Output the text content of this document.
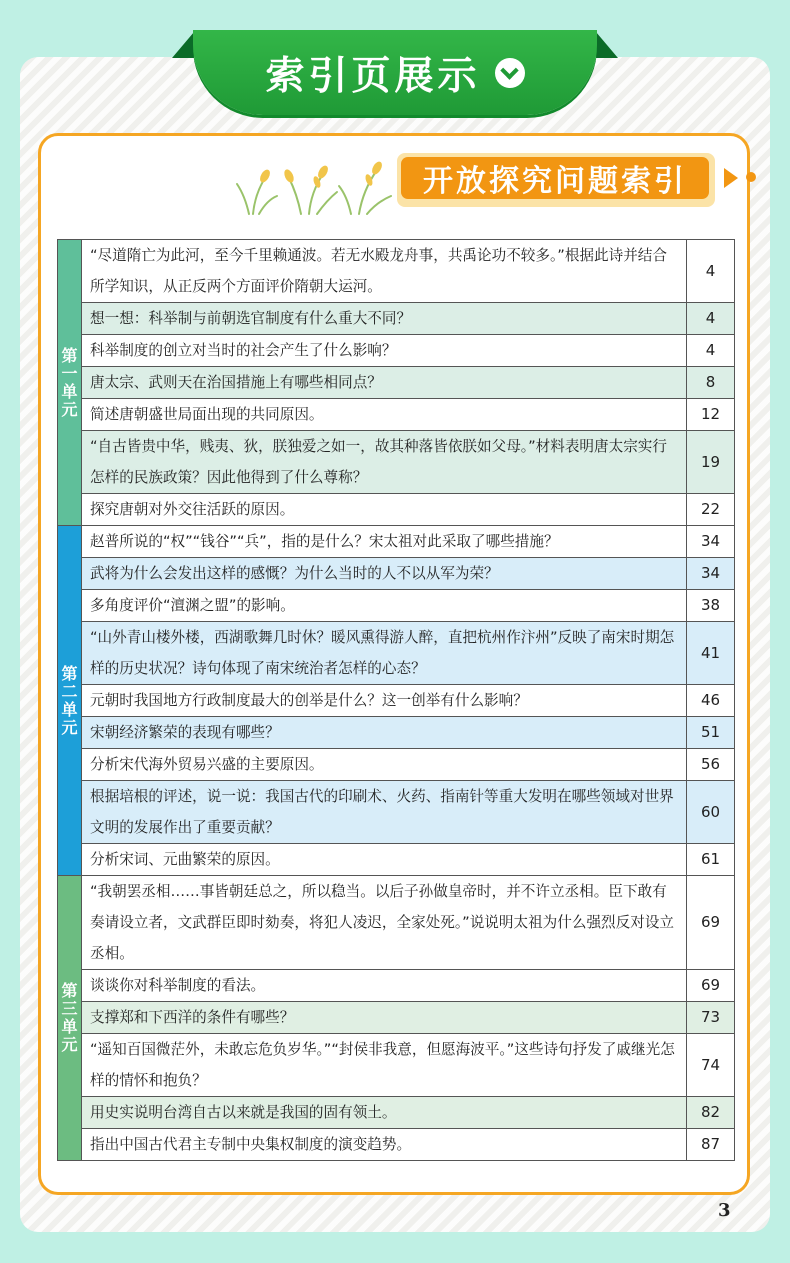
索引页展示
开放探究问题索引
第一单元	“尽道隋亡为此河，至今千里赖通波。若无水殿龙舟事，共禹论功不较多。”根据此诗并结合所学知识，从正反两个方面评价隋朝大运河。	4
	想一想：科举制与前朝选官制度有什么重大不同？	4
	科举制度的创立对当时的社会产生了什么影响？	4
	唐太宗、武则天在治国措施上有哪些相同点？	8
	简述唐朝盛世局面出现的共同原因。	12
	“自古皆贵中华，贱夷、狄，朕独爱之如一，故其种落皆依朕如父母。”材料表明唐太宗实行怎样的民族政策？因此他得到了什么尊称？	19
	探究唐朝对外交往活跃的原因。	22
第二单元	赵普所说的“权”“钱谷”“兵”，指的是什么？宋太祖对此采取了哪些措施？	34
	武将为什么会发出这样的感慨？为什么当时的人不以从军为荣？	34
	多角度评价“澶渊之盟”的影响。	38
	“山外青山楼外楼，西湖歌舞几时休？暖风熏得游人醉，直把杭州作汴州”反映了南宋时期怎样的历史状况？诗句体现了南宋统治者怎样的心态？	41
	元朝时我国地方行政制度最大的创举是什么？这一创举有什么影响？	46
	宋朝经济繁荣的表现有哪些？	51
	分析宋代海外贸易兴盛的主要原因。	56
	根据培根的评述，说一说：我国古代的印刷术、火药、指南针等重大发明在哪些领域对世界文明的发展作出了重要贡献？	60
	分析宋词、元曲繁荣的原因。	61
第三单元	“我朝罢丞相……事皆朝廷总之，所以稳当。以后子孙做皇帝时，并不许立丞相。臣下敢有奏请设立者，文武群臣即时劾奏，将犯人凌迟，全家处死。”说说明太祖为什么强烈反对设立丞相。	69
	谈谈你对科举制度的看法。	69
	支撑郑和下西洋的条件有哪些？	73
	“遥知百国微茫外，未敢忘危负岁华。”“封侯非我意，但愿海波平。”这些诗句抒发了戚继光怎样的情怀和抱负？	74
	用史实说明台湾自古以来就是我国的固有领土。	82
	指出中国古代君主专制中央集权制度的演变趋势。	87
3
